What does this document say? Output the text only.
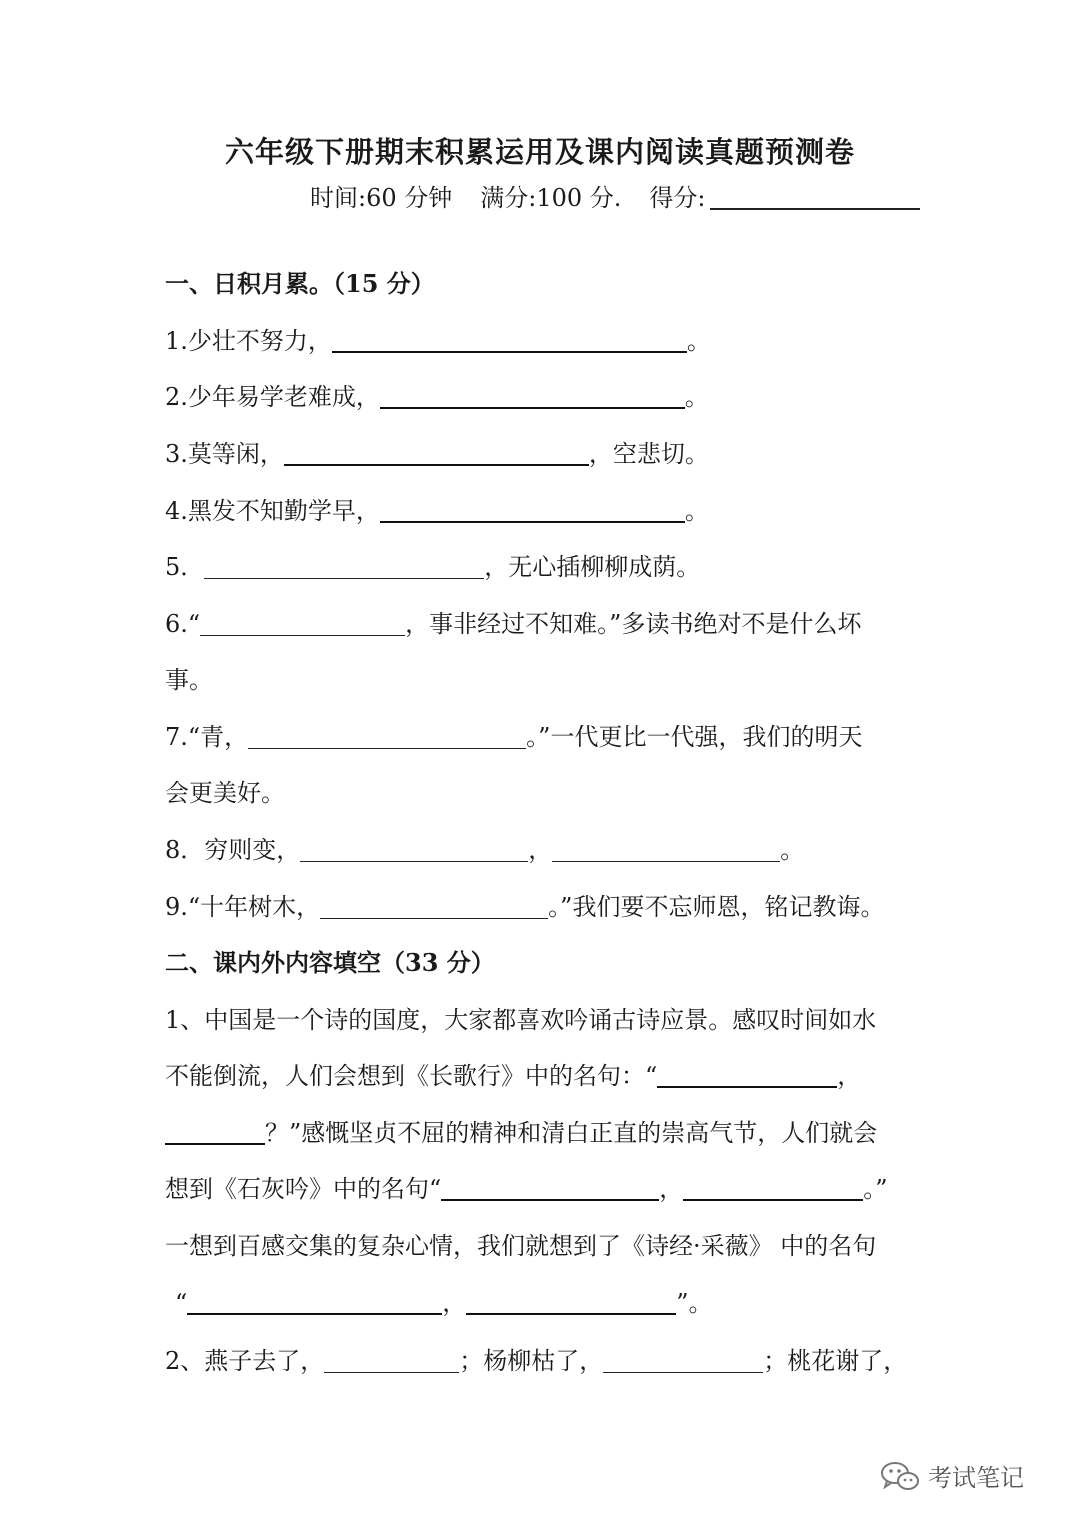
六年级下册期末积累运用及课内阅读真题预测卷
时间:60 分钟 满分:100 分. 得分:
一、日积月累。（15 分）
1.少壮不努力，	。
2.少年易学老难成，	。
3.莫等闲，	，空悲切。
4.黑发不知勤学早，	。
5．	，无心插柳柳成荫。
6.“	，事非经过不知难。”多读书绝对不是什么坏
事。
7.“青，	。”一代更比一代强，我们的明天
会更美好。
8．穷则变，	，	。
9.“十年树木，	。”我们要不忘师恩，铭记教诲。
二、课内外内容填空（33 分）
1、中国是一个诗的国度，大家都喜欢吟诵古诗应景。感叹时间如水
不能倒流，人们会想到《长歌行》中的名句：“	，
？”感慨坚贞不屈的精神和清白正直的崇高气节，人们就会
想到《石灰吟》中的名句“	，	。”
一想到百感交集的复杂心情，我们就想到了《诗经·采薇》 中的名句
“	，	”。
2、燕子去了，	；杨柳枯了，	；桃花谢了，
考试笔记
